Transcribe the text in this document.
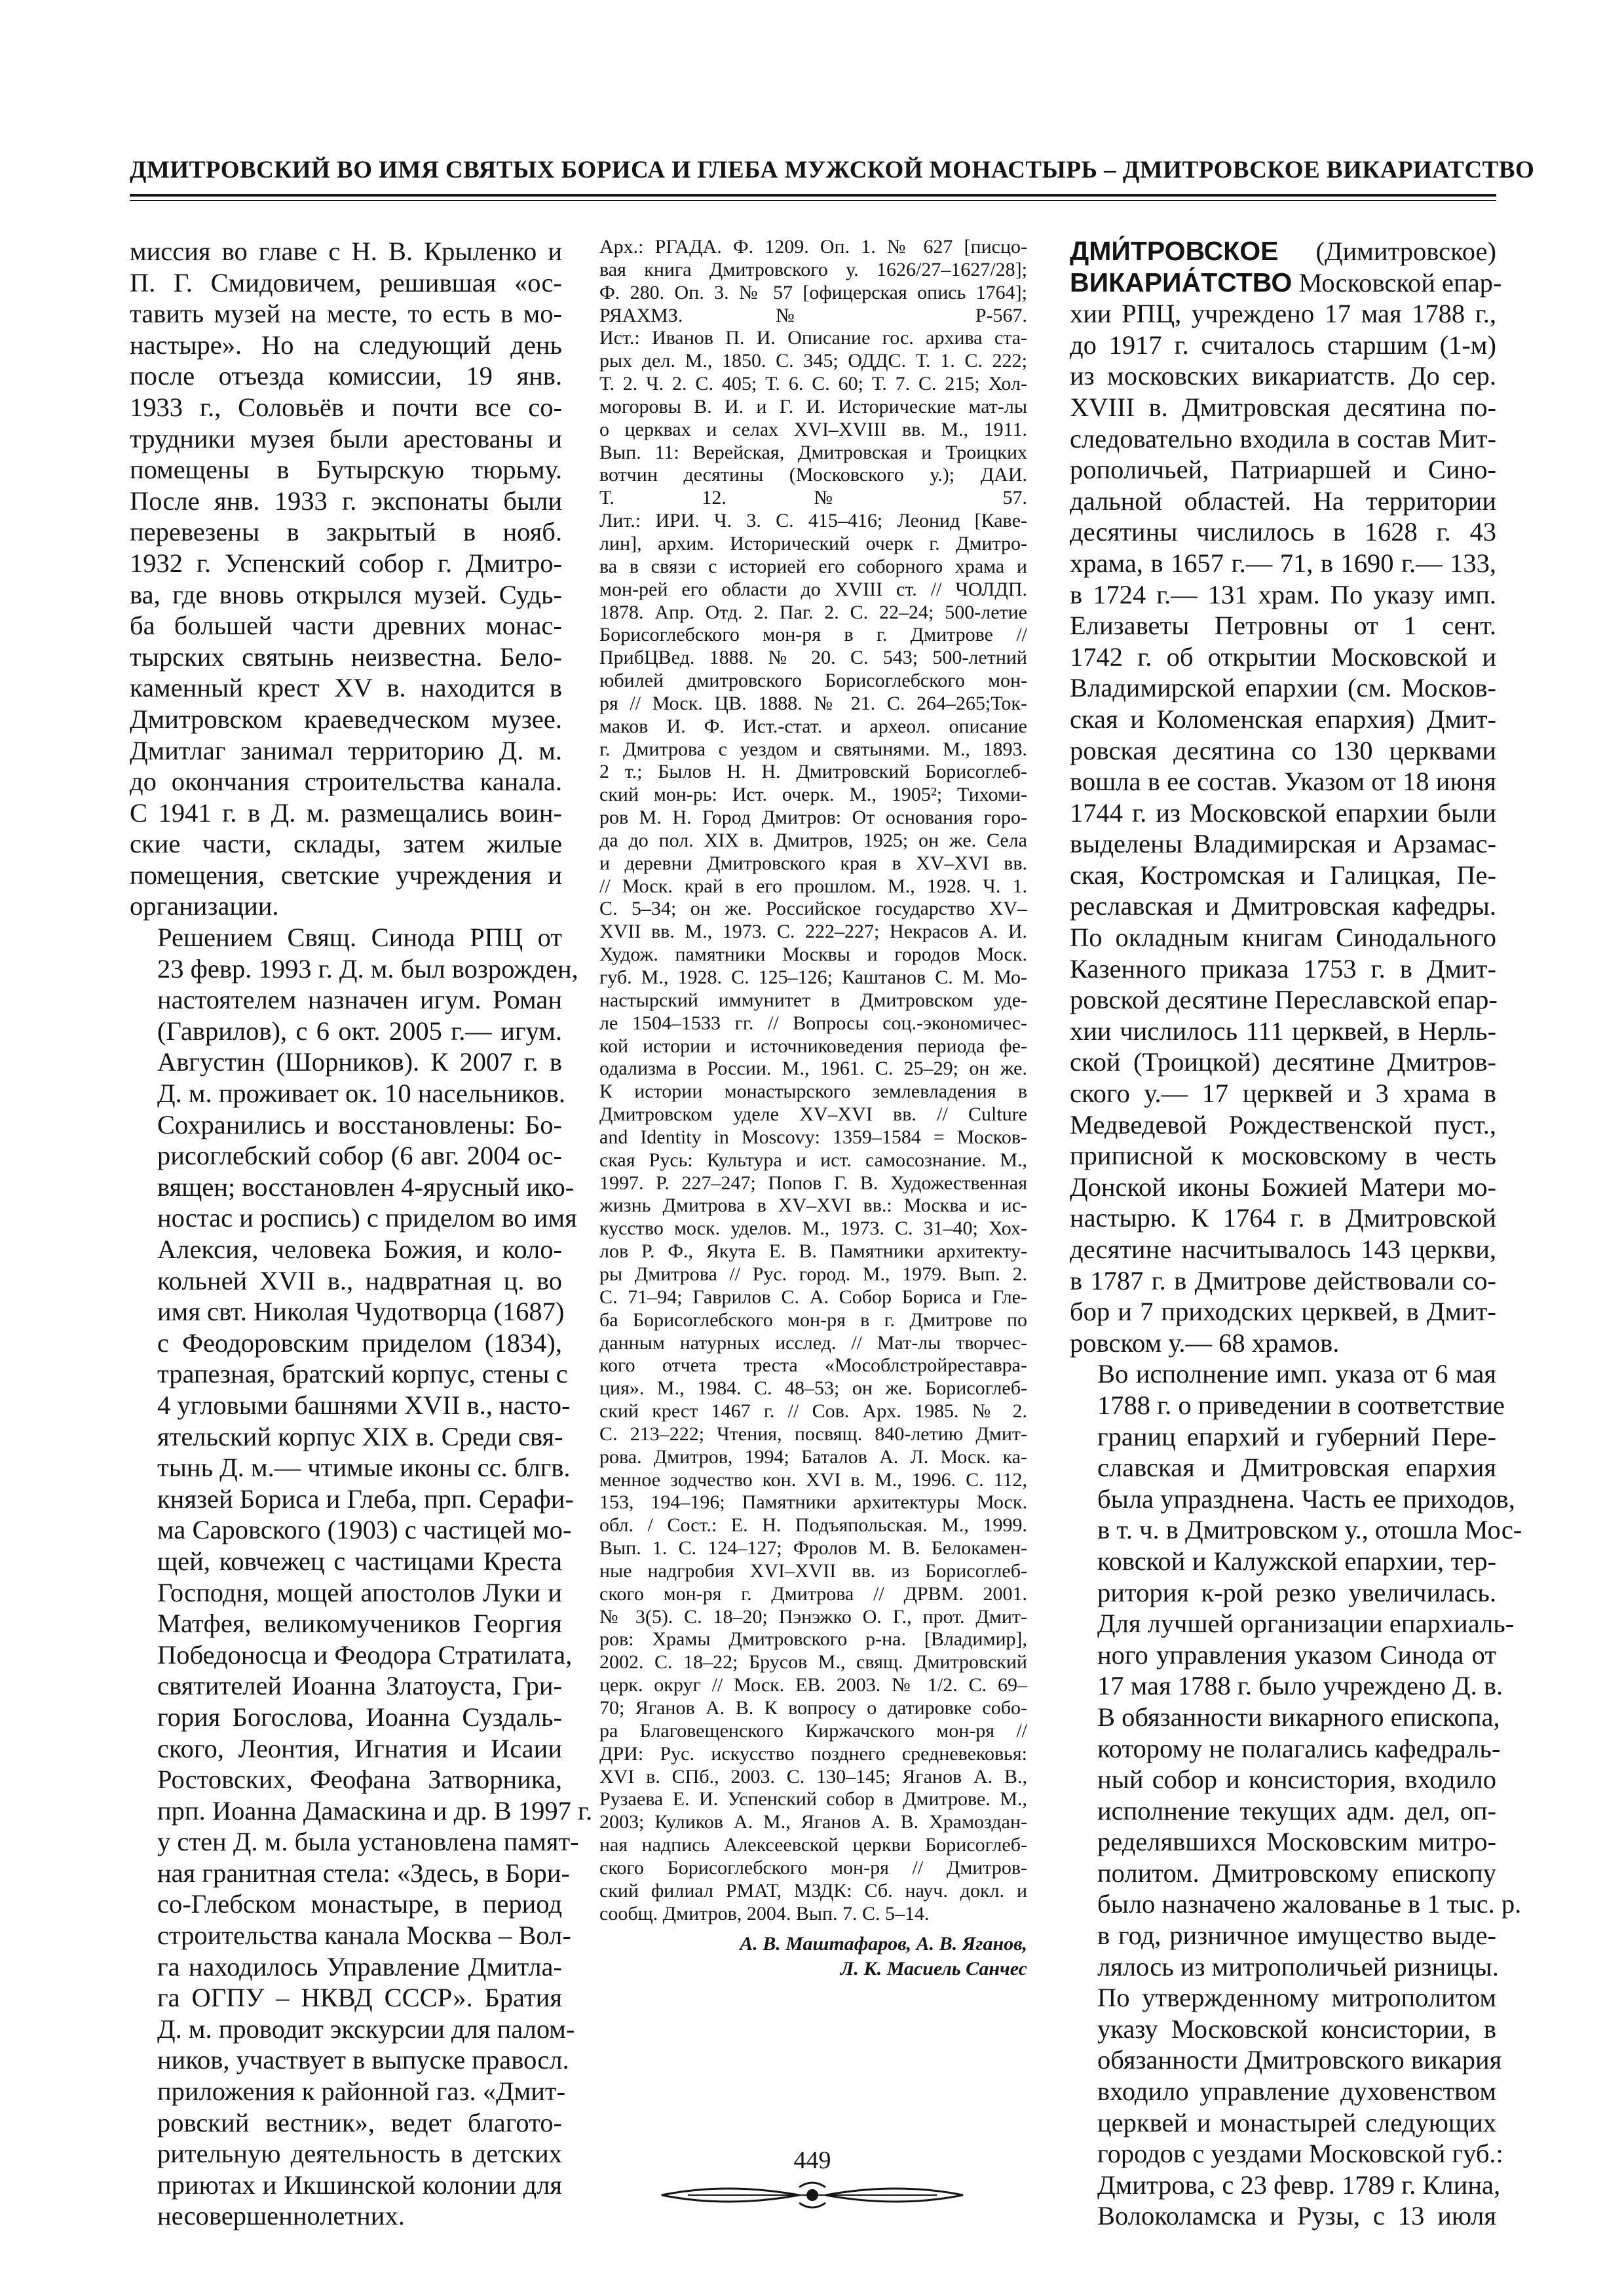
ДМИТРОВСКИЙ ВО ИМЯ СВЯТЫХ БОРИСА И ГЛЕБА МУЖСКОЙ МОНАСТЫРЬ – ДМИТРОВСКОЕ ВИКАРИАТСТВО

миссия во главе с Н. В. Крыленко и
П. Г. Смидовичем, решившая «ос-
тавить музей на месте, то есть в мо-
настыре». Но на следующий день
после отъезда комиссии, 19 янв.
1933 г., Соловьёв и почти все со-
трудники музея были арестованы и
помещены в Бутырскую тюрьму.
После янв. 1933 г. экспонаты были
перевезены в закрытый в нояб.
1932 г. Успенский собор г. Дмитро-
ва, где вновь открылся музей. Судь-
ба большей части древних монас-
тырских святынь неизвестна. Бело-
каменный крест XV в. находится в
Дмитровском краеведческом музее.
Дмитлаг занимал территорию Д. м.
до окончания строительства канала.
С 1941 г. в Д. м. размещались воин-
ские части, склады, затем жилые
помещения, светские учреждения и
организации.

Решением Свящ. Синода РПЦ от
23 февр. 1993 г. Д. м. был возрожден,
настоятелем назначен игум. Роман
(Гаврилов), с 6 окт. 2005 г.— игум.
Августин (Шорников). К 2007 г. в
Д. м. проживает ок. 10 насельников.
Сохранились и восстановлены: Бо-
рисоглебский собор (6 авг. 2004 ос-
вящен; восстановлен 4-ярусный ико-
ностас и роспись) с приделом во имя
Алексия, человека Божия, и коло-
кольней XVII в., надвратная ц. во
имя свт. Николая Чудотворца (1687)
с Феодоровским приделом (1834),
трапезная, братский корпус, стены с
4 угловыми башнями XVII в., насто-
ятельский корпус XIX в. Среди свя-
тынь Д. м.— чтимые иконы сс. блгв.
князей Бориса и Глеба, прп. Серафи-
ма Саровского (1903) с частицей мо-
щей, ковчежец с частицами Креста
Господня, мощей апостолов Луки и
Матфея, великомучеников Георгия
Победоносца и Феодора Стратилата,
святителей Иоанна Златоуста, Гри-
гория Богослова, Иоанна Суздаль-
ского, Леонтия, Игнатия и Исаии
Ростовских, Феофана Затворника,
прп. Иоанна Дамаскина и др. В 1997 г.
у стен Д. м. была установлена памят-
ная гранитная стела: «Здесь, в Бори-
со-Глебском монастыре, в период
строительства канала Москва – Вол-
га находилось Управление Дмитла-
га ОГПУ – НКВД СССР». Братия
Д. м. проводит экскурсии для палом-
ников, участвует в выпуске правосл.
приложения к районной газ. «Дмит-
ровский вестник», ведет благото-
рительную деятельность в детских
приютах и Икшинской колонии для
несовершеннолетних.

Арх.: РГАДА. Ф. 1209. Оп. 1. № 627 [писцо-
вая книга Дмитровского у. 1626/27–1627/28];
Ф. 280. Оп. 3. № 57 [офицерская опись 1764];
РЯАХМЗ. № Р-567.
Ист.: Иванов П. И. Описание гос. архива ста-
рых дел. М., 1850. С. 345; ОДДС. Т. 1. С. 222;
Т. 2. Ч. 2. С. 405; Т. 6. С. 60; Т. 7. С. 215; Хол-
могоровы В. И. и Г. И. Исторические мат-лы
о церквах и селах XVI–XVIII вв. М., 1911.
Вып. 11: Верейская, Дмитровская и Троицких
вотчин десятины (Московского у.); ДАИ.
Т. 12. № 57.
Лит.: ИРИ. Ч. 3. С. 415–416; Леонид [Кавe-
лин], архим. Исторический очерк г. Дмитро-
ва в связи с историей его соборного храма и
мон-рей его области до XVIII ст. // ЧОЛДП.
1878. Апр. Отд. 2. Паг. 2. С. 22–24; 500-летие
Борисоглебского мон-ря в г. Дмитрове //
ПрибЦВед. 1888. № 20. С. 543; 500-летний
юбилей дмитровского Борисоглебского мон-
ря // Моск. ЦВ. 1888. № 21. С. 264–265;Ток-
маков И. Ф. Ист.-стат. и археол. описание
г. Дмитрова с уездом и святынями. М., 1893.
2 т.; Былов Н. Н. Дмитровский Борисоглеб-
ский мон-рь: Ист. очерк. М., 1905²; Тихоми-
ров М. Н. Город Дмитров: От основания горо-
да до пол. XIX в. Дмитров, 1925; он же. Села
и деревни Дмитровского края в XV–XVI вв.
// Моск. край в его прошлом. М., 1928. Ч. 1.
С. 5–34; он же. Российское государство XV–
XVII вв. М., 1973. С. 222–227; Некрасов А. И.
Худож. памятники Москвы и городов Моск.
губ. М., 1928. С. 125–126; Каштанов С. М. Мо-
настырский иммунитет в Дмитровском уде-
ле 1504–1533 гг. // Вопросы соц.-экономичес-
кой истории и источниковедения периода фе-
одализма в России. М., 1961. С. 25–29; он же.
К истории монастырского землевладения в
Дмитровском уделе XV–XVI вв. // Culture
and Identity in Moscovy: 1359–1584 = Москов-
ская Русь: Культура и ист. самосознание. М.,
1997. P. 227–247; Попов Г. В. Художественная
жизнь Дмитрова в XV–XVI вв.: Москва и ис-
кусство моск. уделов. М., 1973. С. 31–40; Хох-
лов Р. Ф., Якута Е. В. Памятники архитекту-
ры Дмитрова // Рус. город. М., 1979. Вып. 2.
С. 71–94; Гаврилов С. А. Собор Бориса и Гле-
ба Борисоглебского мон-ря в г. Дмитрове по
данным натурных исслед. // Мат-лы творчес-
кого отчета треста «Мособлстройреставра-
ция». М., 1984. С. 48–53; он же. Борисоглеб-
ский крест 1467 г. // Сов. Арх. 1985. № 2.
С. 213–222; Чтения, посвящ. 840-летию Дмит-
рова. Дмитров, 1994; Баталов А. Л. Моск. ка-
менное зодчество кон. XVI в. М., 1996. С. 112,
153, 194–196; Памятники архитектуры Моск.
обл. / Сост.: Е. Н. Подъяпольская. М., 1999.
Вып. 1. С. 124–127; Фролов М. В. Белокамен-
ные надгробия XVI–XVII вв. из Борисоглеб-
ского мон-ря г. Дмитрова // ДРВМ. 2001.
№ 3(5). С. 18–20; Пэнэжко О. Г., прот. Дмит-
ров: Храмы Дмитровского р-на. [Владимир],
2002. С. 18–22; Брусов М., свящ. Дмитровский
церк. округ // Моск. ЕВ. 2003. № 1/2. С. 69–
70; Яганов А. В. К вопросу о датировке собо-
ра Благовещенского Киржачского мон-ря //
ДРИ: Рус. искусство позднего средневековья:
XVI в. СПб., 2003. С. 130–145; Яганов А. В.,
Рузаева Е. И. Успенский собор в Дмитрове. М.,
2003; Куликов А. М., Яганов А. В. Храмоздан-
ная надпись Алексеевской церкви Борисоглеб-
ского Борисоглебского мон-ря // Дмитров-
ский филиал РМАТ, МЗДК: Сб. науч. докл. и
сообщ. Дмитров, 2004. Вып. 7. С. 5–14.

А. В. Маштафаров, А. В. Яганов,
Л. К. Масиель Санчес

ДМИ́ТРОВСКОЕ (Димитровское)
ВИКАРИА́ТСТВО Московской епар-
хии РПЦ, учреждено 17 мая 1788 г.,
до 1917 г. считалось старшим (1-м)
из московских викариатств. До сер.
XVIII в. Дмитровская десятина по-
следовательно входила в состав Мит-
рополичьей, Патриаршей и Сино-
дальной областей. На территории
десятины числилось в 1628 г. 43
храма, в 1657 г.— 71, в 1690 г.— 133,
в 1724 г.— 131 храм. По указу имп.
Елизаветы Петровны от 1 сент.
1742 г. об открытии Московской и
Владимирской епархии (см. Москов-
ская и Коломенская епархия) Дмит-
ровская десятина со 130 церквами
вошла в ее состав. Указом от 18 июня
1744 г. из Московской епархии были
выделены Владимирская и Арзамас-
ская, Костромская и Галицкая, Пе-
реславская и Дмитровская кафедры.
По окладным книгам Синодального
Казенного приказа 1753 г. в Дмит-
ровской десятине Переславской епар-
хии числилось 111 церквей, в Нерль-
ской (Троицкой) десятине Дмитров-
ского у.— 17 церквей и 3 храма в
Медведевой Рождественской пуст.,
приписной к московскому в честь
Донской иконы Божией Матери мо-
настырю. К 1764 г. в Дмитровской
десятине насчитывалось 143 церкви,
в 1787 г. в Дмитрове действовали со-
бор и 7 приходских церквей, в Дмит-
ровском у.— 68 храмов.

Во исполнение имп. указа от 6 мая
1788 г. о приведении в соответствие
границ епархий и губерний Пере-
славская и Дмитровская епархия
была упразднена. Часть ее приходов,
в т. ч. в Дмитровском у., отошла Мос-
ковской и Калужской епархии, тер-
ритория к-рой резко увеличилась.
Для лучшей организации епархиаль-
ного управления указом Синода от
17 мая 1788 г. было учреждено Д. в.
В обязанности викарного епископа,
которому не полагались кафедраль-
ный собор и консистория, входило
исполнение текущих адм. дел, оп-
ределявшихся Московским митро-
политом. Дмитровскому епископу
было назначено жалованье в 1 тыс. р.
в год, ризничное имущество выде-
лялось из митрополичьей ризницы.
По утвержденному митрополитом
указу Московской консистории, в
обязанности Дмитровского викария
входило управление духовенством
церквей и монастырей следующих
городов с уездами Московской губ.:
Дмитрова, с 23 февр. 1789 г. Клина,
Волоколамска и Рузы, с 13 июля

449
